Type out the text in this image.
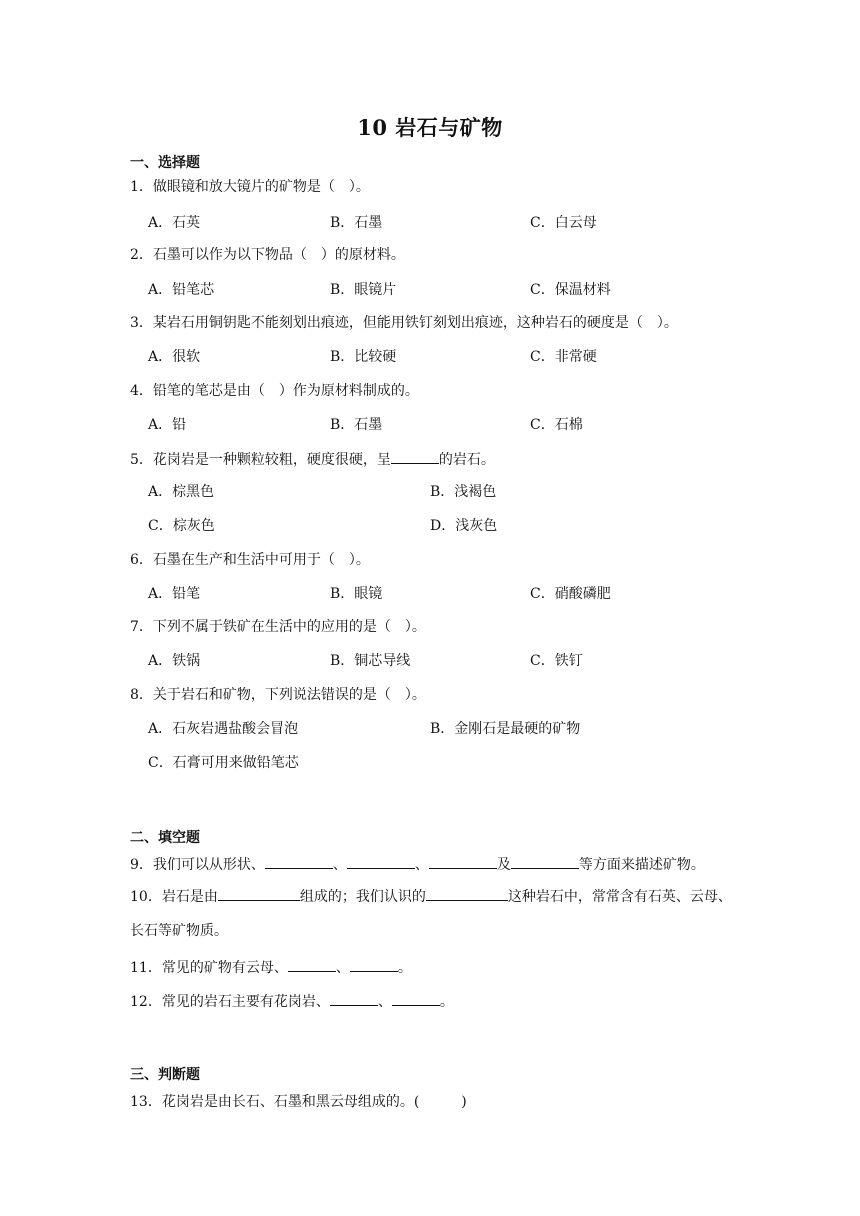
10 岩石与矿物
一、选择题
1．做眼镜和放大镜片的矿物是（　）。
A．石英	B．石墨	C．白云母
2．石墨可以作为以下物品（　）的原材料。
A．铅笔芯	B．眼镜片	C．保温材料
3．某岩石用铜钥匙不能刻划出痕迹，但能用铁钉刻划出痕迹，这种岩石的硬度是（　）。
A．很软	B．比较硬	C．非常硬
4．铅笔的笔芯是由（　）作为原材料制成的。
A．铅	B．石墨	C．石棉
5．花岗岩是一种颗粒较粗，硬度很硬，呈	的岩石。
A．棕黑色	B．浅褐色
C．棕灰色	D．浅灰色
6．石墨在生产和生活中可用于（　）。
A．铅笔	B．眼镜	C．硝酸磷肥
7．下列不属于铁矿在生活中的应用的是（　）。
A．铁锅	B．铜芯导线	C．铁钉
8．关于岩石和矿物，下列说法错误的是（　）。
A．石灰岩遇盐酸会冒泡	B．金刚石是最硬的矿物
C．石膏可用来做铅笔芯
二、填空题
9．我们可以从形状、	、	、	及	等方面来描述矿物。
10．岩石是由	组成的；我们认识的	这种岩石中，常常含有石英、云母、长石等矿物质。
11．常见的矿物有云母、	、	。
12．常见的岩石主要有花岗岩、	、	。
三、判断题
13．花岗岩是由长石、石墨和黑云母组成的。(　　　)
